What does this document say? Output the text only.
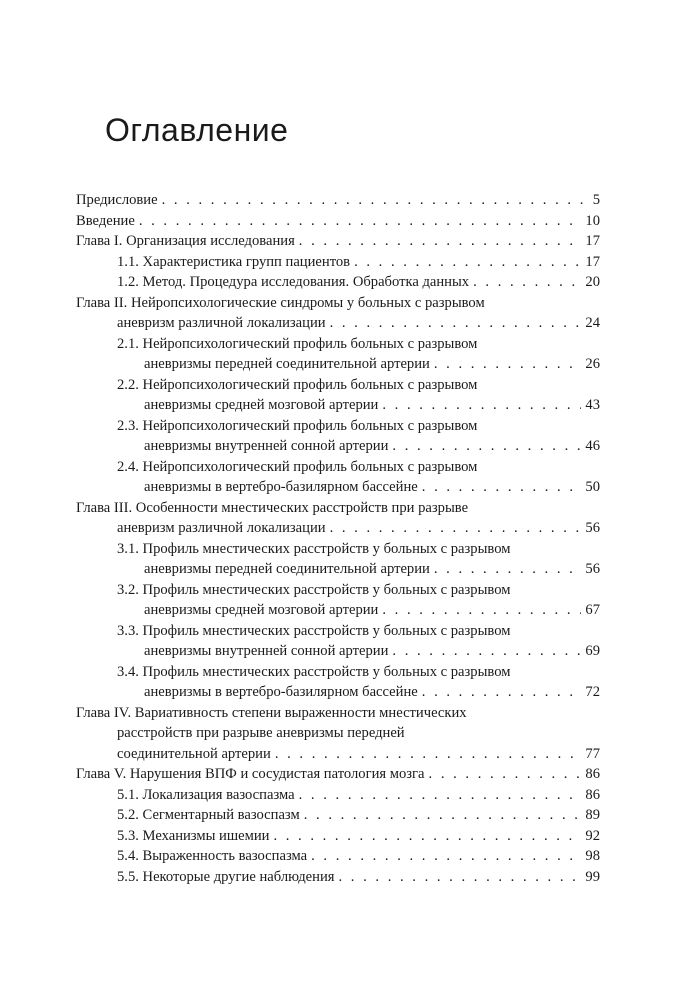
Оглавление
Предисловие . . .	5
Введение . . .	10
Глава I. Организация исследования . . .	17
1.1. Характеристика групп пациентов . . .	17
1.2. Метод. Процедура исследования. Обработка данных . . .	20
Глава II. Нейропсихологические синдромы у больных с разрывом
аневризм различной локализации . . .	24
2.1. Нейропсихологический профиль больных с разрывом
аневризмы передней соединительной артерии . . .	26
2.2. Нейропсихологический профиль больных с разрывом
аневризмы средней мозговой артерии . . .	43
2.3. Нейропсихологический профиль больных с разрывом
аневризмы внутренней сонной артерии . . .	46
2.4. Нейропсихологический профиль больных с разрывом
аневризмы в вертебро-базилярном бассейне . . .	50
Глава III. Особенности мнестических расстройств при разрыве
аневризм различной локализации . . .	56
3.1. Профиль мнестических расстройств у больных с разрывом
аневризмы передней соединительной артерии . . .	56
3.2. Профиль мнестических расстройств у больных с разрывом
аневризмы средней мозговой артерии . . .	67
3.3. Профиль мнестических расстройств у больных с разрывом
аневризмы внутренней сонной артерии . . .	69
3.4. Профиль мнестических расстройств у больных с разрывом
аневризмы в вертебро-базилярном бассейне . . .	72
Глава IV. Вариативность степени выраженности мнестических
расстройств при разрыве аневризмы передней
соединительной артерии . . .	77
Глава V. Нарушения ВПФ и сосудистая патология мозга . . .	86
5.1. Локализация вазоспазма . . .	86
5.2. Сегментарный вазоспазм . . .	89
5.3. Механизмы ишемии . . .	92
5.4. Выраженность вазоспазма . . .	98
5.5. Некоторые другие наблюдения . . .	99
